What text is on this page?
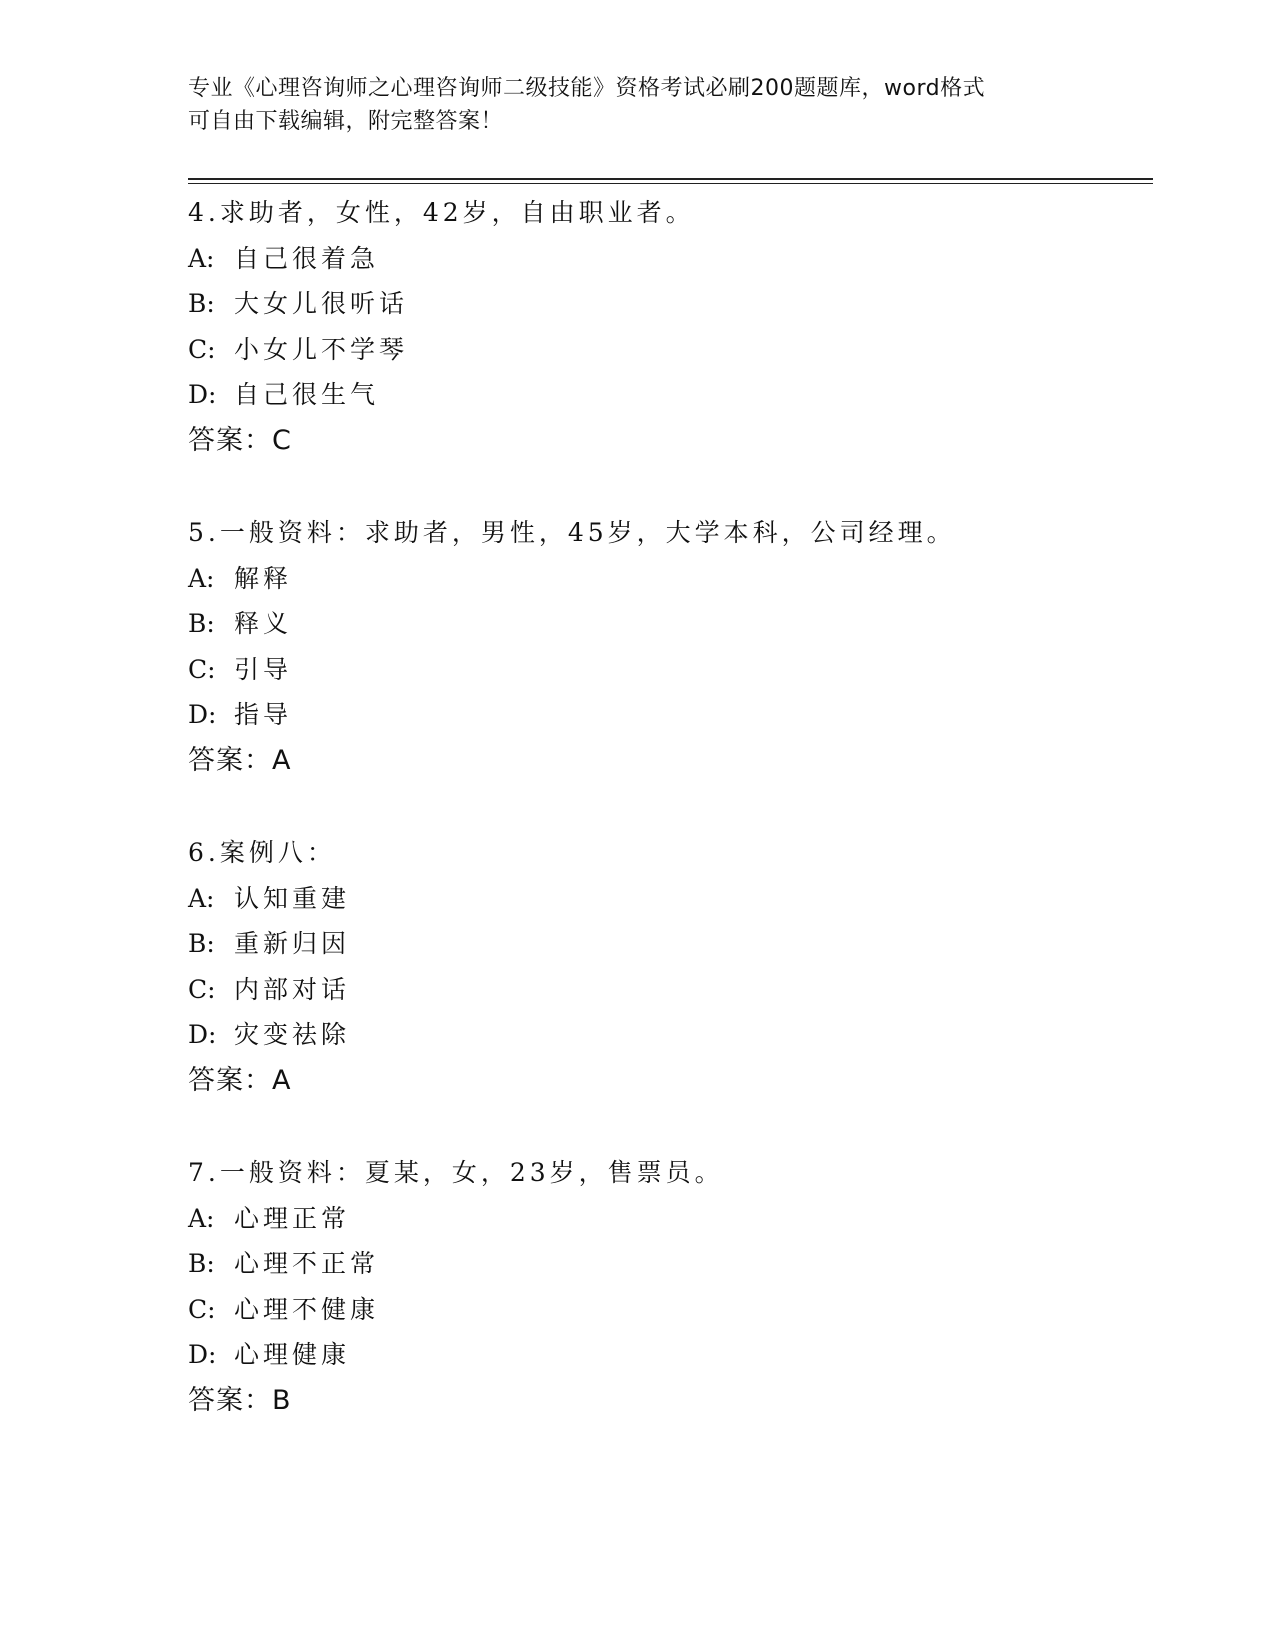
专业《心理咨询师之心理咨询师二级技能》资格考试必刷200题题库，word格式
可自由下载编辑，附完整答案！
4.求助者，女性，42岁，自由职业者。
A: 自己很着急
B: 大女儿很听话
C: 小女儿不学琴
D: 自己很生气
答案：C
5.一般资料：求助者，男性，45岁，大学本科，公司经理。
A: 解释
B: 释义
C: 引导
D: 指导
答案：A
6.案例八：
A: 认知重建
B: 重新归因
C: 内部对话
D: 灾变祛除
答案：A
7.一般资料：夏某，女，23岁，售票员。
A: 心理正常
B: 心理不正常
C: 心理不健康
D: 心理健康
答案：B
